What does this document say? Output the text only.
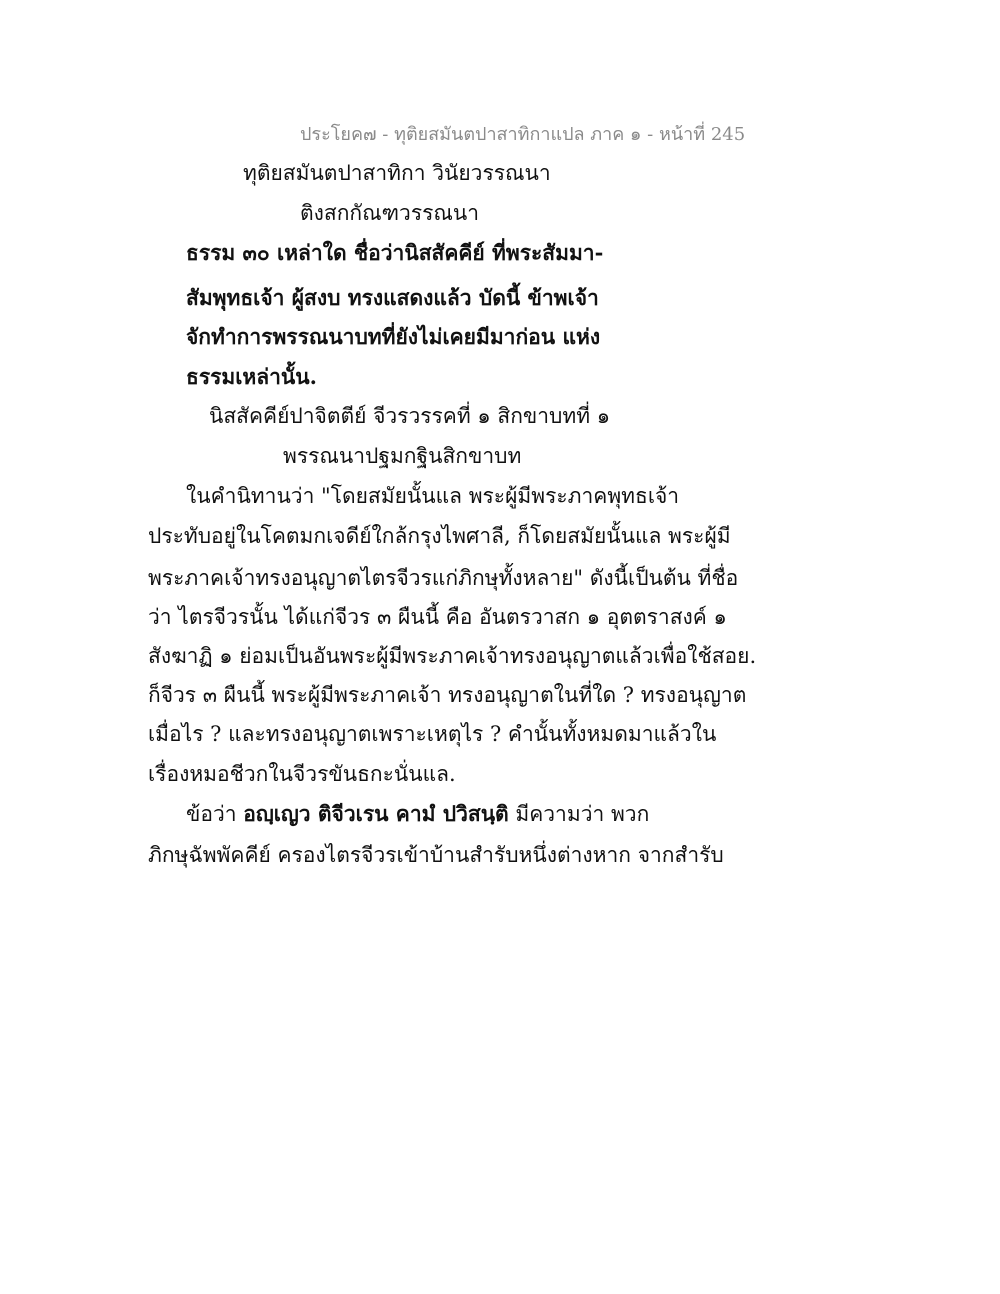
ประโยค๗ - ทุติยสมันตปาสาทิกาแปล ภาค ๑ - หน้าที่ 245
ทุติยสมันตปาสาทิกา วินัยวรรณนา
ติงสกกัณฑวรรณนา
ธรรม ๓๐ เหล่าใด ชื่อว่านิสสัคคีย์ ที่พระสัมมา-
สัมพุทธเจ้า ผู้สงบ ทรงแสดงแล้ว บัดนี้ ข้าพเจ้า
จักทำการพรรณนาบทที่ยังไม่เคยมีมาก่อน แห่ง
ธรรมเหล่านั้น.
นิสสัคคีย์ปาจิตตีย์ จีวรวรรคที่ ๑ สิกขาบทที่ ๑
พรรณนาปฐมกฐินสิกขาบท
ในคำนิทานว่า "โดยสมัยนั้นแล พระผู้มีพระภาคพุทธเจ้า
ประทับอยู่ในโคตมกเจดีย์ใกล้กรุงไพศาลี, ก็โดยสมัยนั้นแล พระผู้มี
พระภาคเจ้าทรงอนุญาตไตรจีวรแก่ภิกษุทั้งหลาย" ดังนี้เป็นต้น ที่ชื่อ
ว่า ไตรจีวรนั้น ได้แก่จีวร ๓ ผืนนี้ คือ อันตรวาสก ๑ อุตตราสงค์ ๑
สังฆาฏิ ๑ ย่อมเป็นอันพระผู้มีพระภาคเจ้าทรงอนุญาตแล้วเพื่อใช้สอย.
ก็จีวร ๓ ผืนนี้ พระผู้มีพระภาคเจ้า ทรงอนุญาตในที่ใด ? ทรงอนุญาต
เมื่อไร ? และทรงอนุญาตเพราะเหตุไร ? คำนั้นทั้งหมดมาแล้วใน
เรื่องหมอชีวกในจีวรขันธกะนั่นแล.
ข้อว่า อญฺเญว ติจีวเรน คามํ ปวิสนฺติ มีความว่า พวก
ภิกษุฉัพพัคคีย์ ครองไตรจีวรเข้าบ้านสำรับหนึ่งต่างหาก จากสำรับ
